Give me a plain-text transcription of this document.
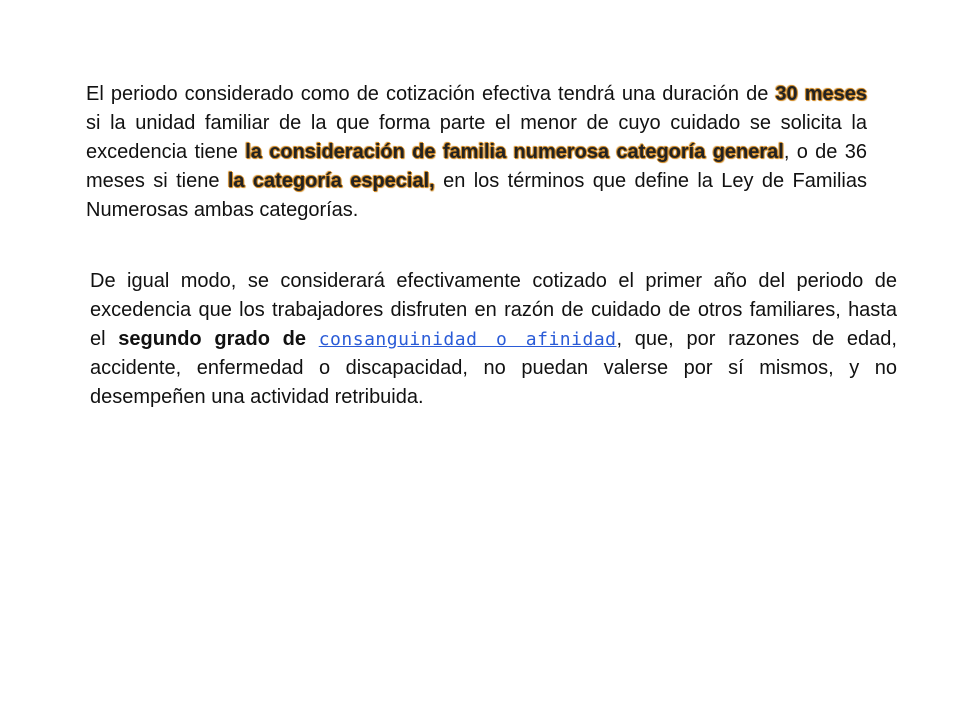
El periodo considerado como de cotización efectiva tendrá una duración de 30 meses si la unidad familiar de la que forma parte el menor de cuyo cuidado se solicita la excedencia tiene la consideración de familia numerosa categoría general, o de 36 meses si tiene la categoría especial, en los términos que define la Ley de Familias Numerosas ambas categorías.

De igual modo, se considerará efectivamente cotizado el primer año del periodo de excedencia que los trabajadores disfruten en razón de cuidado de otros familiares, hasta el segundo grado de consanguinidad o afinidad, que, por razones de edad, accidente, enfermedad o discapacidad, no puedan valerse por sí mismos, y no desempeñen una actividad retribuida.
